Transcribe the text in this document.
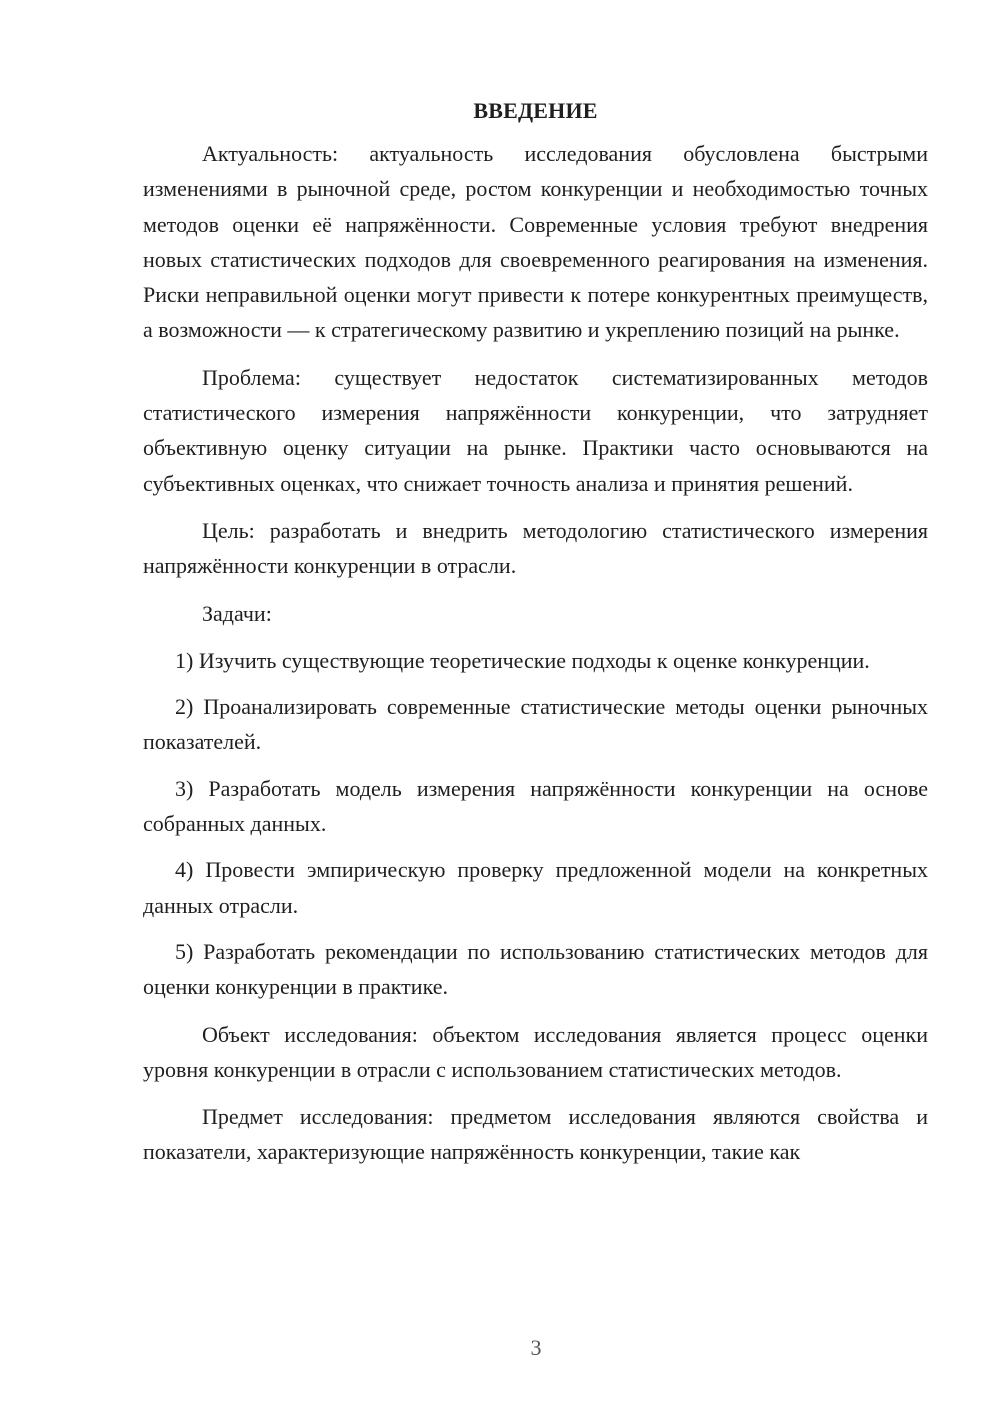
ВВЕДЕНИЕ

Актуальность: актуальность исследования обусловлена быстрыми изменениями в рыночной среде, ростом конкуренции и необходимостью точных методов оценки её напряжённости. Современные условия требуют внедрения новых статистических подходов для своевременного реагирования на изменения. Риски неправильной оценки могут привести к потере конкурентных преимуществ, а возможности — к стратегическому развитию и укреплению позиций на рынке.

Проблема: существует недостаток систематизированных методов статистического измерения напряжённости конкуренции, что затрудняет объективную оценку ситуации на рынке. Практики часто основываются на субъективных оценках, что снижает точность анализа и принятия решений.

Цель: разработать и внедрить методологию статистического измерения напряжённости конкуренции в отрасли.

Задачи:

1) Изучить существующие теоретические подходы к оценке конкуренции.

2) Проанализировать современные статистические методы оценки рыночных показателей.

3) Разработать модель измерения напряжённости конкуренции на основе собранных данных.

4) Провести эмпирическую проверку предложенной модели на конкретных данных отрасли.

5) Разработать рекомендации по использованию статистических методов для оценки конкуренции в практике.

Объект исследования: объектом исследования является процесс оценки уровня конкуренции в отрасли с использованием статистических методов.

Предмет исследования: предметом исследования являются свойства и показатели, характеризующие напряжённость конкуренции, такие как

3
